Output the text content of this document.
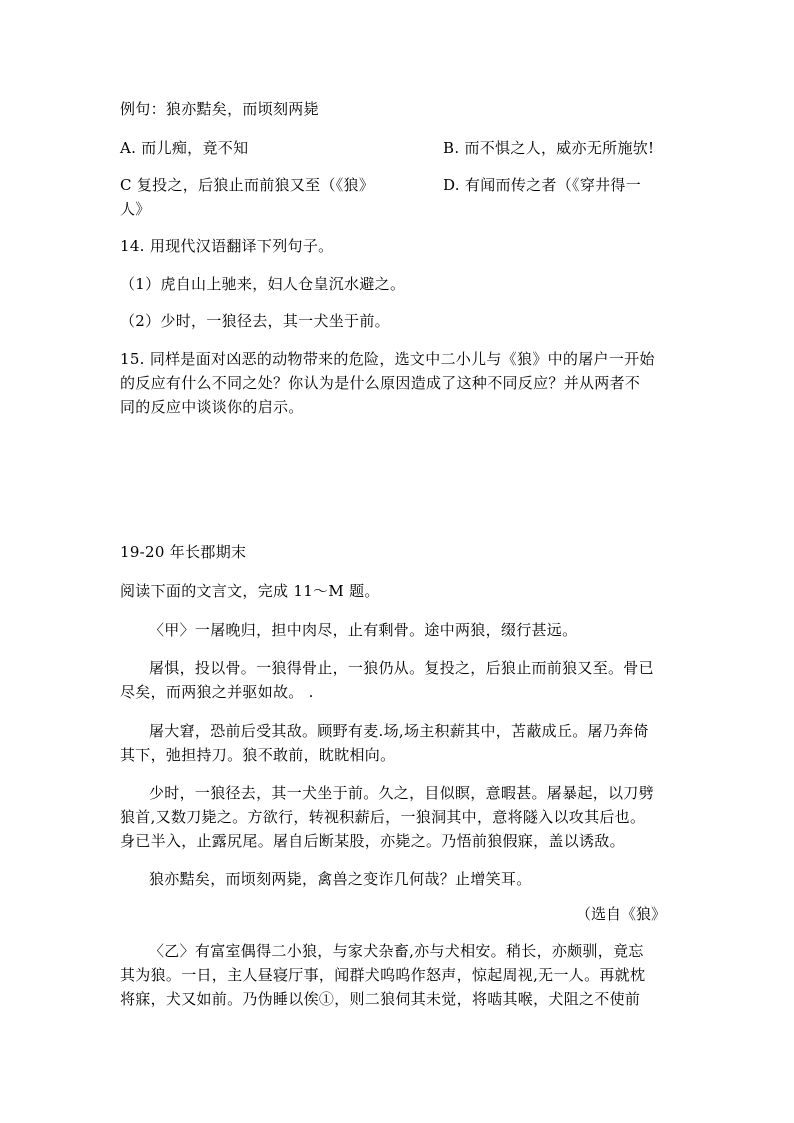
例句：狼亦黠矣，而顷刻两毙
A. 而儿痴，竟不知	B. 而不惧之人，威亦无所施欤!
C 复投之，后狼止而前狼又至（《狼》	D. 有闻而传之者（《穿井得一
人》
14. 用现代汉语翻译下列句子。
（1）虎自山上驰来，妇人仓皇沉水避之。
（2）少时，一狼径去，其一犬坐于前。
15. 同样是面对凶恶的动物带来的危险，选文中二小儿与《狼》中的屠户一开始
的反应有什么不同之处？你认为是什么原因造成了这种不同反应？并从两者不
同的反应中谈谈你的启示。
19-20 年长郡期末
阅读下面的文言文，完成 11～M 题。
〈甲〉一屠晚归，担中肉尽，止有剩骨。途中两狼，缀行甚远。
屠惧，投以骨。一狼得骨止，一狼仍从。复投之，后狼止而前狼又至。骨已
尽矣，而两狼之并驱如故。 .
屠大窘，恐前后受其敌。顾野有麦.场,场主积薪其中，苫蔽成丘。屠乃奔倚
其下，弛担持刀。狼不敢前，眈眈相向。
少时，一狼径去，其一犬坐于前。久之，目似瞑，意暇甚。屠暴起，以刀劈
狼首,又数刀毙之。方欲行，转视积薪后，一狼洞其中，意将隧入以攻其后也。
身已半入，止露尻尾。屠自后断某股，亦毙之。乃悟前狼假寐，盖以诱敌。
狼亦黠矣，而顷刻两毙，禽兽之变诈几何哉？止增笑耳。
（选自《狼》
〈乙〉有富室偶得二小狼，与家犬杂畜,亦与犬相安。稍长，亦颇驯，竟忘
其为狼。一日，主人昼寝厅事，闻群犬呜呜作怒声，惊起周视,无一人。再就枕
将寐，犬又如前。乃伪睡以俟①，则二狼伺其未觉，将啮其喉，犬阻之不使前
